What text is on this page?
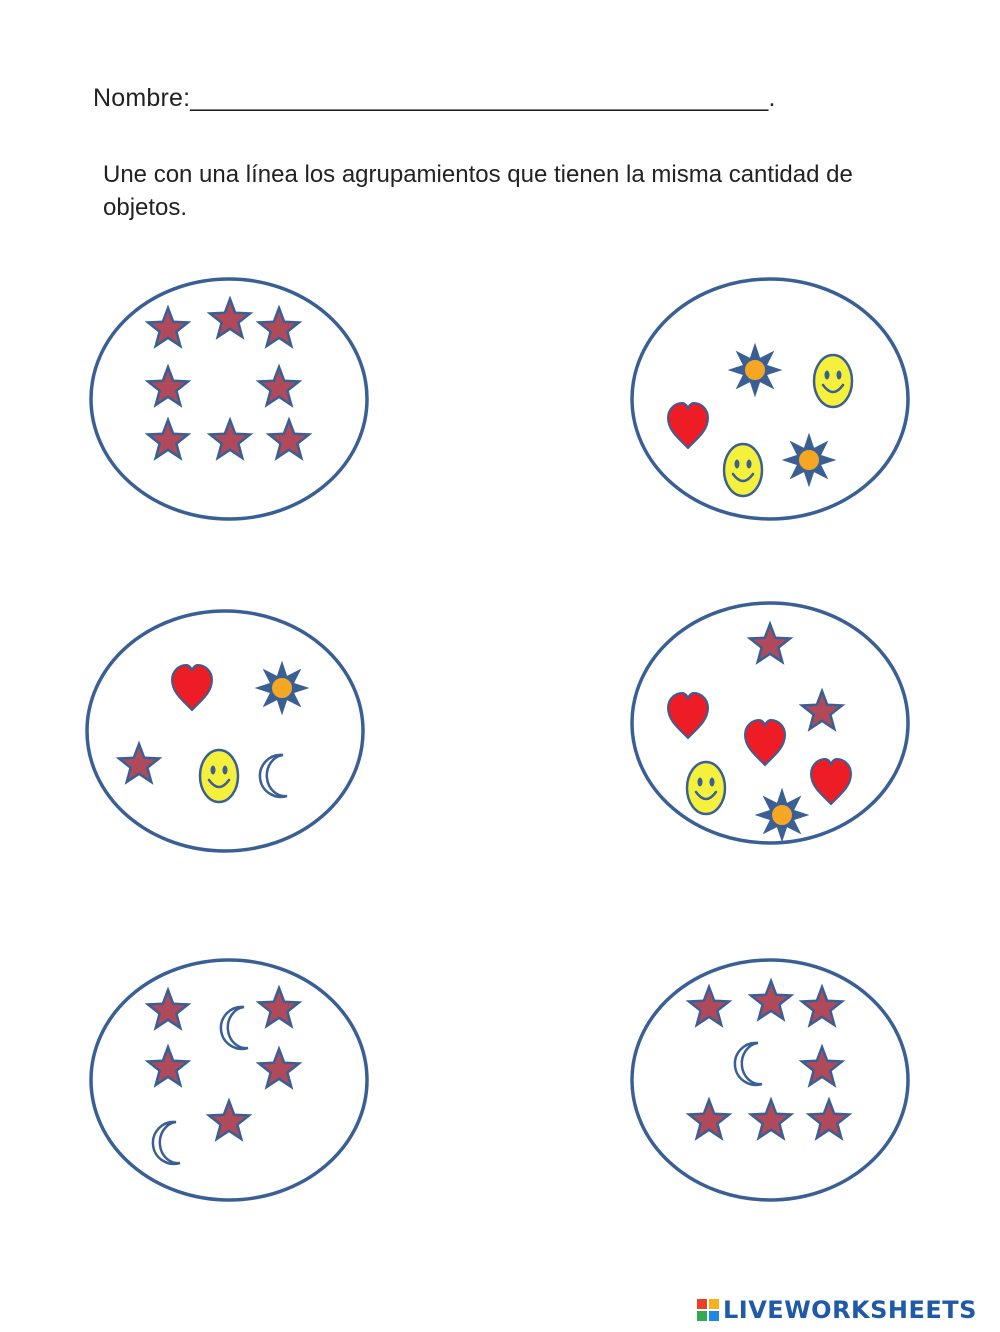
Nombre:_________________________________________.
Une con una línea los agrupamientos que tienen la misma cantidad de objetos.
LIVEWORKSHEETS
